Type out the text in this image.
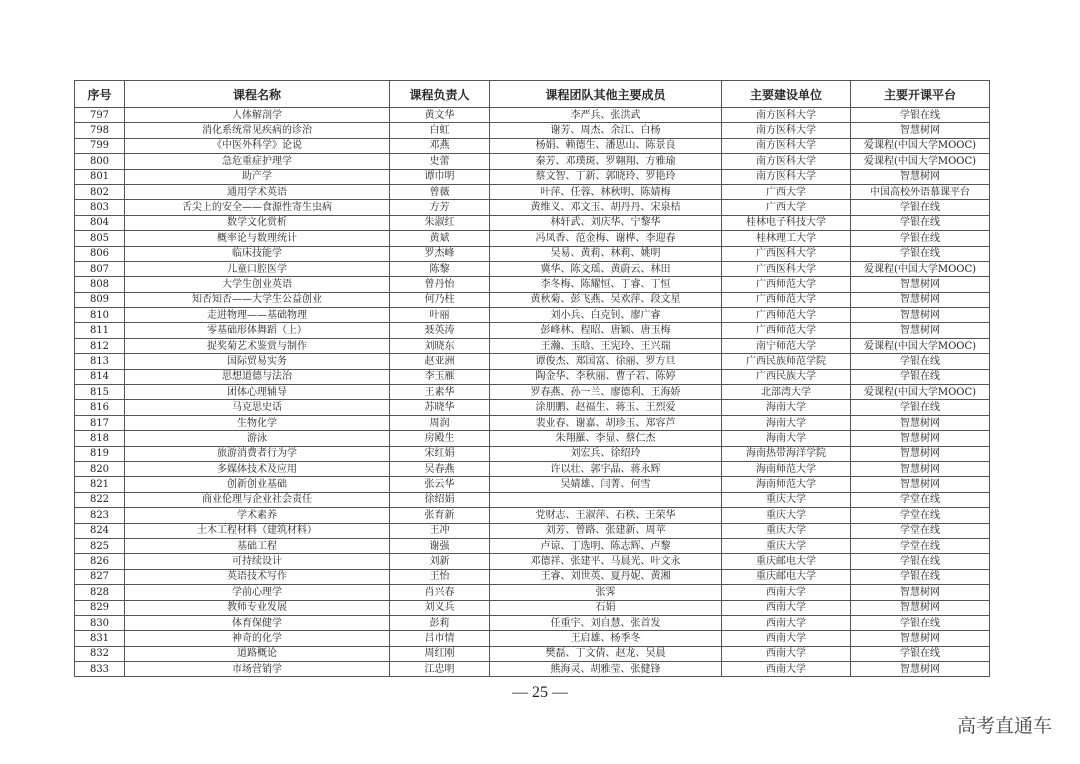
序号	课程名称	课程负责人	课程团队其他主要成员	主要建设单位	主要开课平台
797	人体解剖学	黄文华	李严兵、张洪武	南方医科大学	学银在线
798	消化系统常见疾病的诊治	白虹	谢芳、周杰、余江、白杨	南方医科大学	智慧树网
799	《中医外科学》论说	邓燕	杨娟、赖德生、潘思山、陈景良	南方医科大学	爱课程(中国大学MOOC)
800	急危重症护理学	史蕾	秦芳、邓璞斑、罗翱翔、方雅瑜	南方医科大学	爱课程(中国大学MOOC)
801	助产学	谭巾明	蔡文智、丁新、郭晓玲、罗艳玲	南方医科大学	智慧树网
802	通用学术英语	曾薇	叶萍、任蓉、林秋明、陈婧梅	广西大学	中国高校外语慕课平台
803	舌尖上的安全——食源性寄生虫病	方芳	黄维义、邓文玉、胡丹丹、宋泉桔	广西大学	学银在线
804	数学文化赏析	朱淑红	林轩武、刘庆华、宁黎华	桂林电子科技大学	学银在线
805	概率论与数理统计	黄斌	冯凤香、范金梅、谢桦、李迎春	桂林理工大学	学银在线
806	临床技能学	罗杰峰	吴易、黄莉、林莉、姚明	广西医科大学	学银在线
807	儿童口腔医学	陈黎	冀华、陈文瑶、黄蔚云、林田	广西医科大学	爱课程(中国大学MOOC)
808	大学生创业英语	曾丹怡	李冬梅、陈耀恒、丁睿、丁恒	广西师范大学	智慧树网
809	知否知否——大学生公益创业	何乃柱	黄秋菊、彭飞燕、吴欢萍、段文星	广西师范大学	智慧树网
810	走进物理——基础物理	叶丽	刘小兵、白克钊、廖广睿	广西师范大学	智慧树网
811	零基础形体舞蹈（上）	聂英涛	彭峰林、程昭、唐颖、唐玉梅	广西师范大学	智慧树网
812	捉奖菊艺术鉴赏与制作	刘晓东	王瀚、玉晗、王宪玲、王兴瑞	南宁师范大学	爱课程(中国大学MOOC)
813	国际贸易实务	赵亚洲	谭俊杰、郑国富、徐丽、罗方旦	广西民族师范学院	学银在线
814	思想道德与法治	李玉雁	陶金华、李秋丽、曹子若、陈婷	广西民族大学	学银在线
815	团体心理辅导	王素华	罗春燕、孙一兰、廖德利、王海娇	北部湾大学	爱课程(中国大学MOOC)
816	马克思史话	苏晓华	涂朋鹏、赵福生、蒋玉、王烈爱	海南大学	学银在线
817	生物化学	周润	裴业春、谢嘉、胡珍玉、郑容芦	海南大学	智慧树网
818	游泳	房殿生	朱翔羅、李显、蔡仁杰	海南大学	智慧树网
819	旅游消费者行为学	宋红娟	刘宏兵、徐绍玲	海南热带海洋学院	智慧树网
820	多媒体技术及应用	吴春燕	许以壮、郭宇晶、蒋永辉	海南师范大学	智慧树网
821	创新创业基础	张云华	吴婧雄、闫菁、何雪	海南师范大学	智慧树网
822	商业伦理与企业社会责任	徐绍娟		重庆大学	学堂在线
823	学术素养	张育新	党财志、王淑萍、石秩、王荣华	重庆大学	学堂在线
824	土木工程材料（建筑材料）	王冲	刘芳、曾路、张建新、周苹	重庆大学	学堂在线
825	基础工程	谢强	卢谅、丁选明、陈志辉、卢黎	重庆大学	学堂在线
826	可持续设计	刘新	邓德祥、张建平、马晨光、叶文永	重庆邮电大学	学银在线
827	英语技术写作	王怡	王睿、刘世英、夏丹妮、黄湘	重庆邮电大学	学银在线
828	学前心理学	肖兴春	张霁	西南大学	智慧树网
829	教师专业发展	刘义兵	石娟	西南大学	智慧树网
830	体育保健学	彭莉	任重宇、刘自慧、张首发	西南大学	学银在线
831	神奇的化学	吕市情	王启雄、杨季冬	西南大学	智慧树网
832	道路概论	周红刚	樊磊、丁文倩、赵龙、吴晨	西南大学	学银在线
833	市场营销学	江忠明	熊海灵、胡雅莹、张健锋	西南大学	智慧树网
— 25 —
高考直通车
